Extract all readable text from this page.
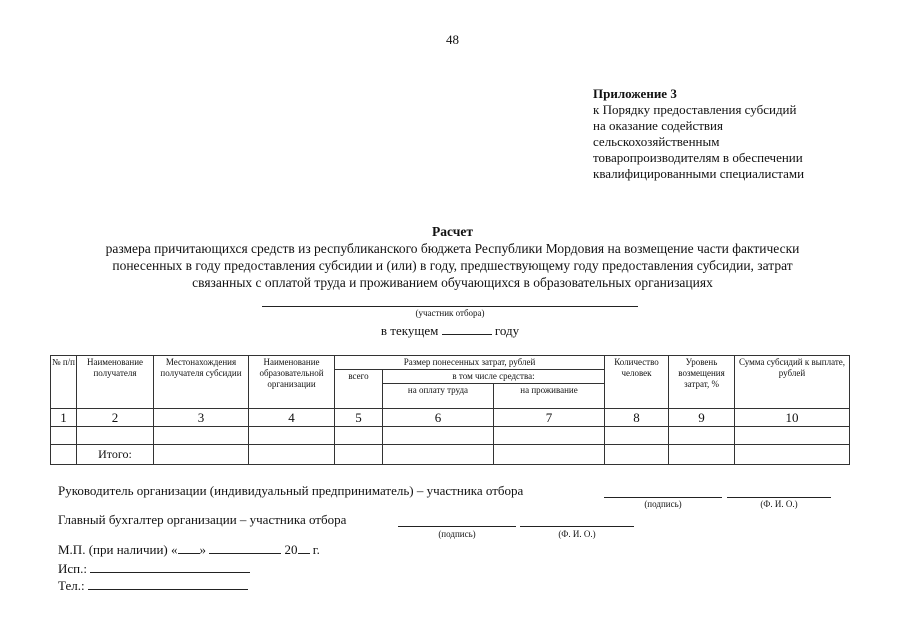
48
Приложение 3
к Порядку предоставления субсидий
на оказание содействия
сельскохозяйственным
товаропроизводителям в обеспечении
квалифицированными специалистами
Расчет
размера причитающихся средств из республиканского бюджета Республики Мордовия на возмещение части фактически
понесенных в году предоставления субсидии и (или) в году, предшествующему году предоставления субсидии, затрат
связанных с оплатой труда и проживанием обучающихся в образовательных организациях
(участник отбора)
в текущем	году
№ п/п	Наименование получателя	Местонахождения получателя субсидии	Наименование образовательной организации	Размер понесенных затрат, рублей			Количество человек	Уровень возмещения затрат, %	Сумма субсидий к выплате, рублей
				всего	в том числе средства:				
					на оплату труда	на проживание			
1	2	3	4	5	6	7	8	9	10

	Итого:								
Руководитель организации (индивидуальный предприниматель) – участника отбора
(подпись)	(Ф. И. О.)
Главный бухгалтер организации – участника отбора
(подпись)	(Ф. И. О.)
М.П. (при наличии) « »	20 г.
Исп.:
Тел.:
